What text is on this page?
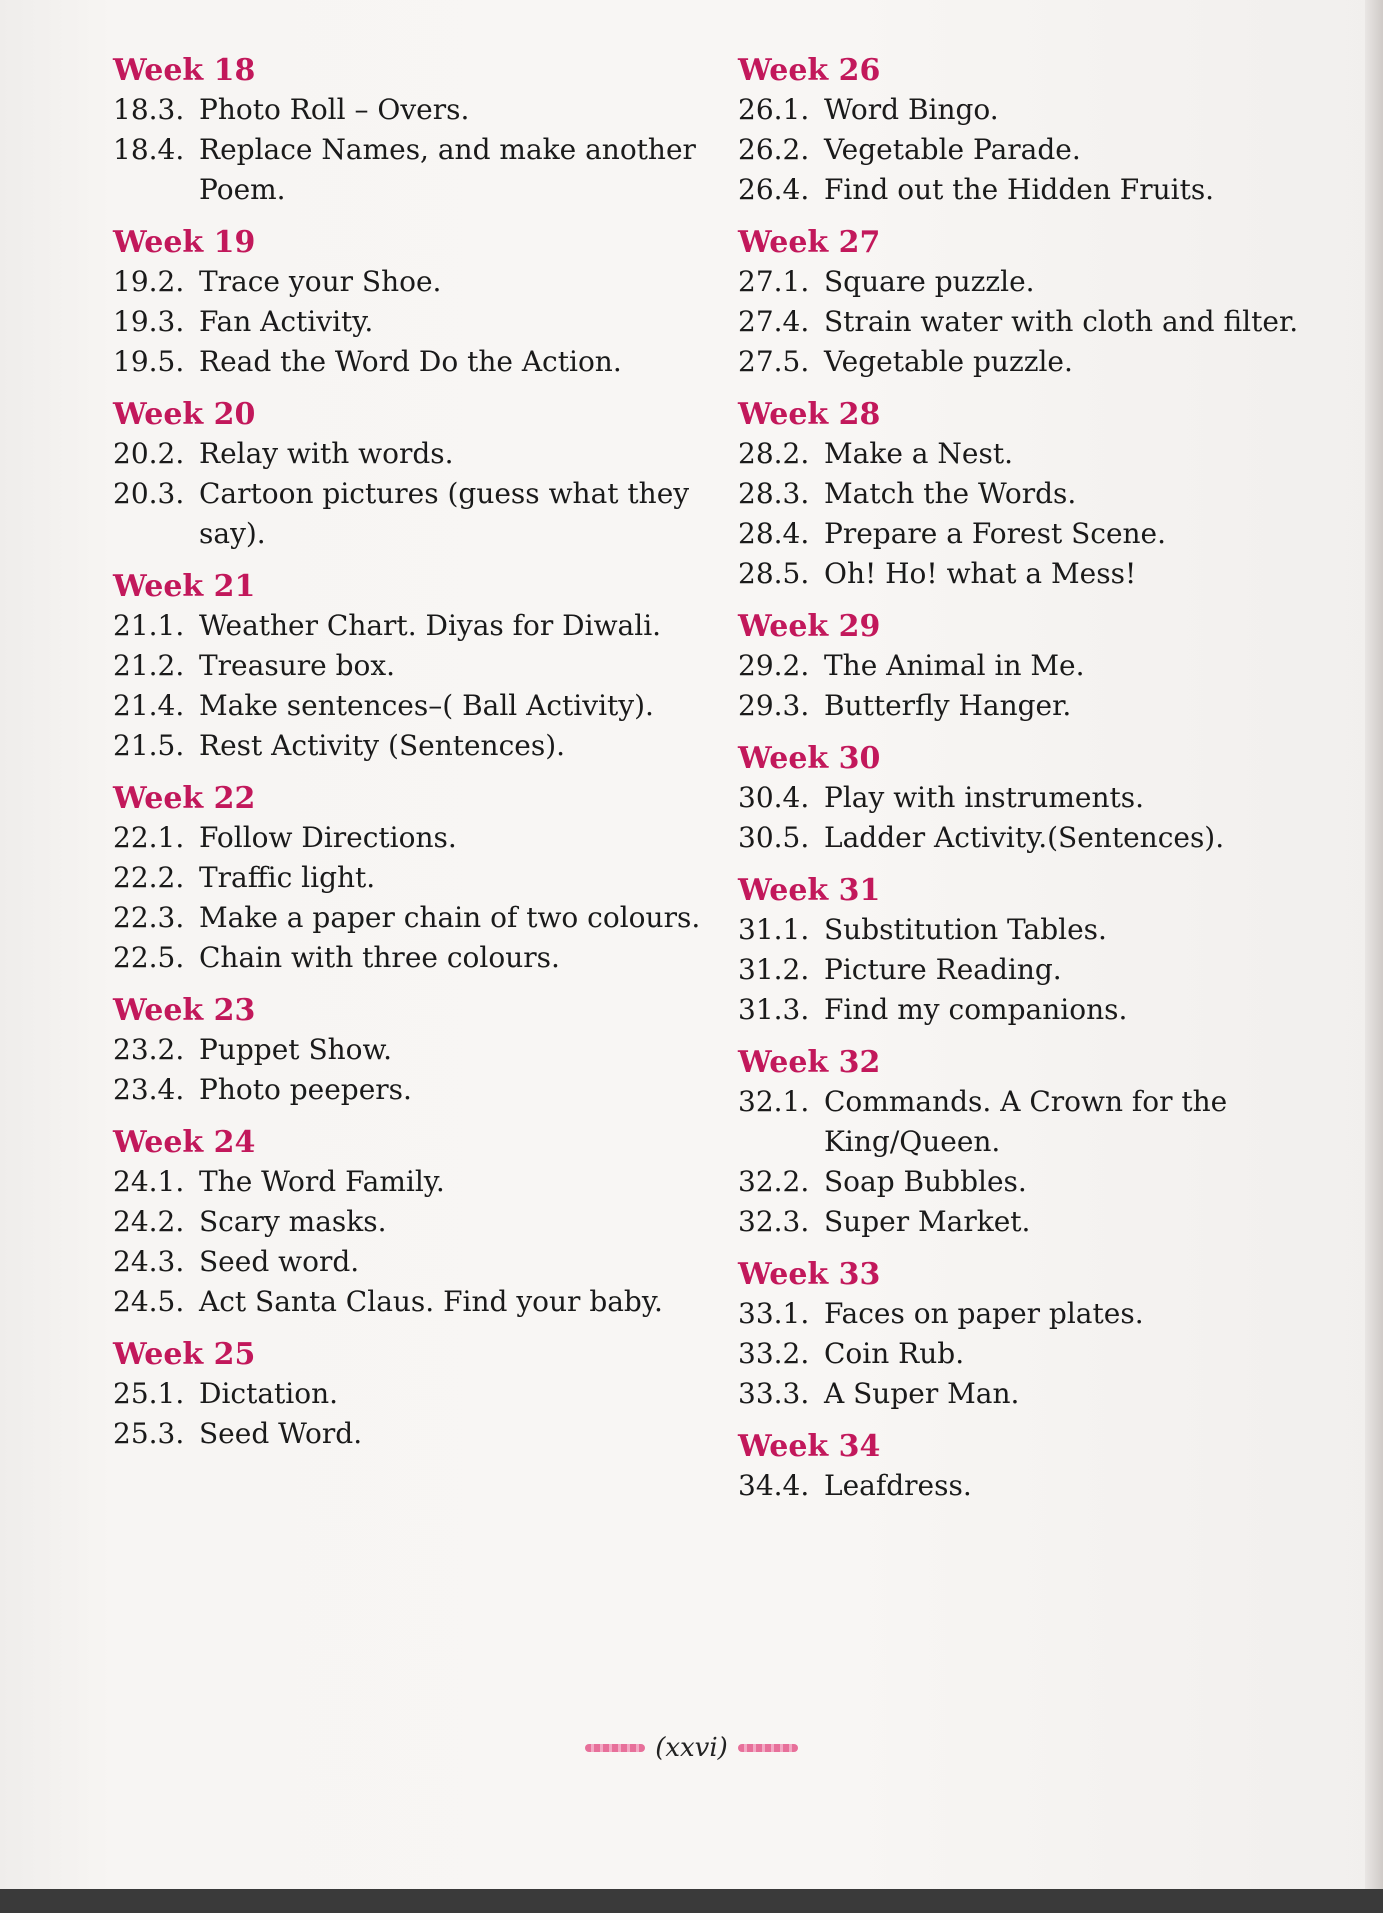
Week 18
18.3. Photo Roll – Overs.
18.4. Replace Names, and make another Poem.
Week 19
19.2. Trace your Shoe.
19.3. Fan Activity.
19.5. Read the Word Do the Action.
Week 20
20.2. Relay with words.
20.3. Cartoon pictures (guess what they say).
Week 21
21.1. Weather Chart. Diyas for Diwali.
21.2. Treasure box.
21.4. Make sentences–( Ball Activity).
21.5. Rest Activity (Sentences).
Week 22
22.1. Follow Directions.
22.2. Traffic light.
22.3. Make a paper chain of two colours.
22.5. Chain with three colours.
Week 23
23.2. Puppet Show.
23.4. Photo peepers.
Week 24
24.1. The Word Family.
24.2. Scary masks.
24.3. Seed word.
24.5. Act Santa Claus. Find your baby.
Week 25
25.1. Dictation.
25.3. Seed Word.
Week 26
26.1. Word Bingo.
26.2. Vegetable Parade.
26.4. Find out the Hidden Fruits.
Week 27
27.1. Square puzzle.
27.4. Strain water with cloth and filter.
27.5. Vegetable puzzle.
Week 28
28.2. Make a Nest.
28.3. Match the Words.
28.4. Prepare a Forest Scene.
28.5. Oh! Ho! what a Mess!
Week 29
29.2. The Animal in Me.
29.3. Butterfly Hanger.
Week 30
30.4. Play with instruments.
30.5. Ladder Activity.(Sentences).
Week 31
31.1. Substitution Tables.
31.2. Picture Reading.
31.3. Find my companions.
Week 32
32.1. Commands. A Crown for the King/Queen.
32.2. Soap Bubbles.
32.3. Super Market.
Week 33
33.1. Faces on paper plates.
33.2. Coin Rub.
33.3. A Super Man.
Week 34
34.4. Leafdress.
(xxvi)
